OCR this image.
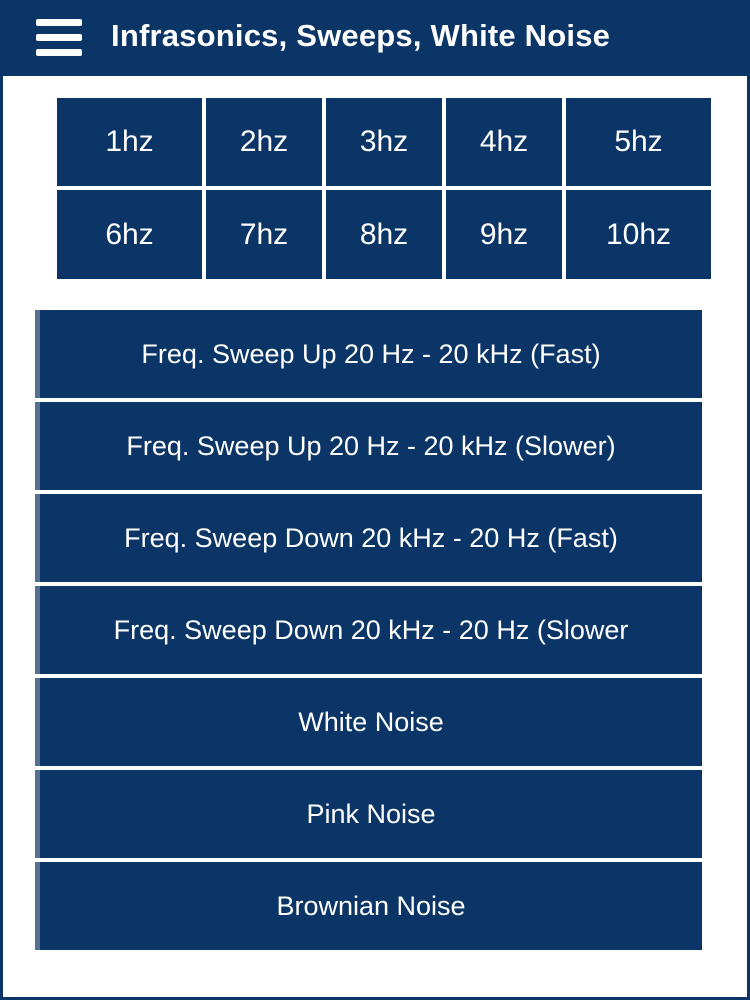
Infrasonics, Sweeps, White Noise
1hz	2hz	3hz	4hz	5hz
6hz	7hz	8hz	9hz	10hz
Freq. Sweep Up 20 Hz - 20 kHz (Fast)
Freq. Sweep Up 20 Hz - 20 kHz (Slower)
Freq. Sweep Down 20 kHz - 20 Hz (Fast)
Freq. Sweep Down 20 kHz - 20 Hz (Slower
White Noise
Pink Noise
Brownian Noise
